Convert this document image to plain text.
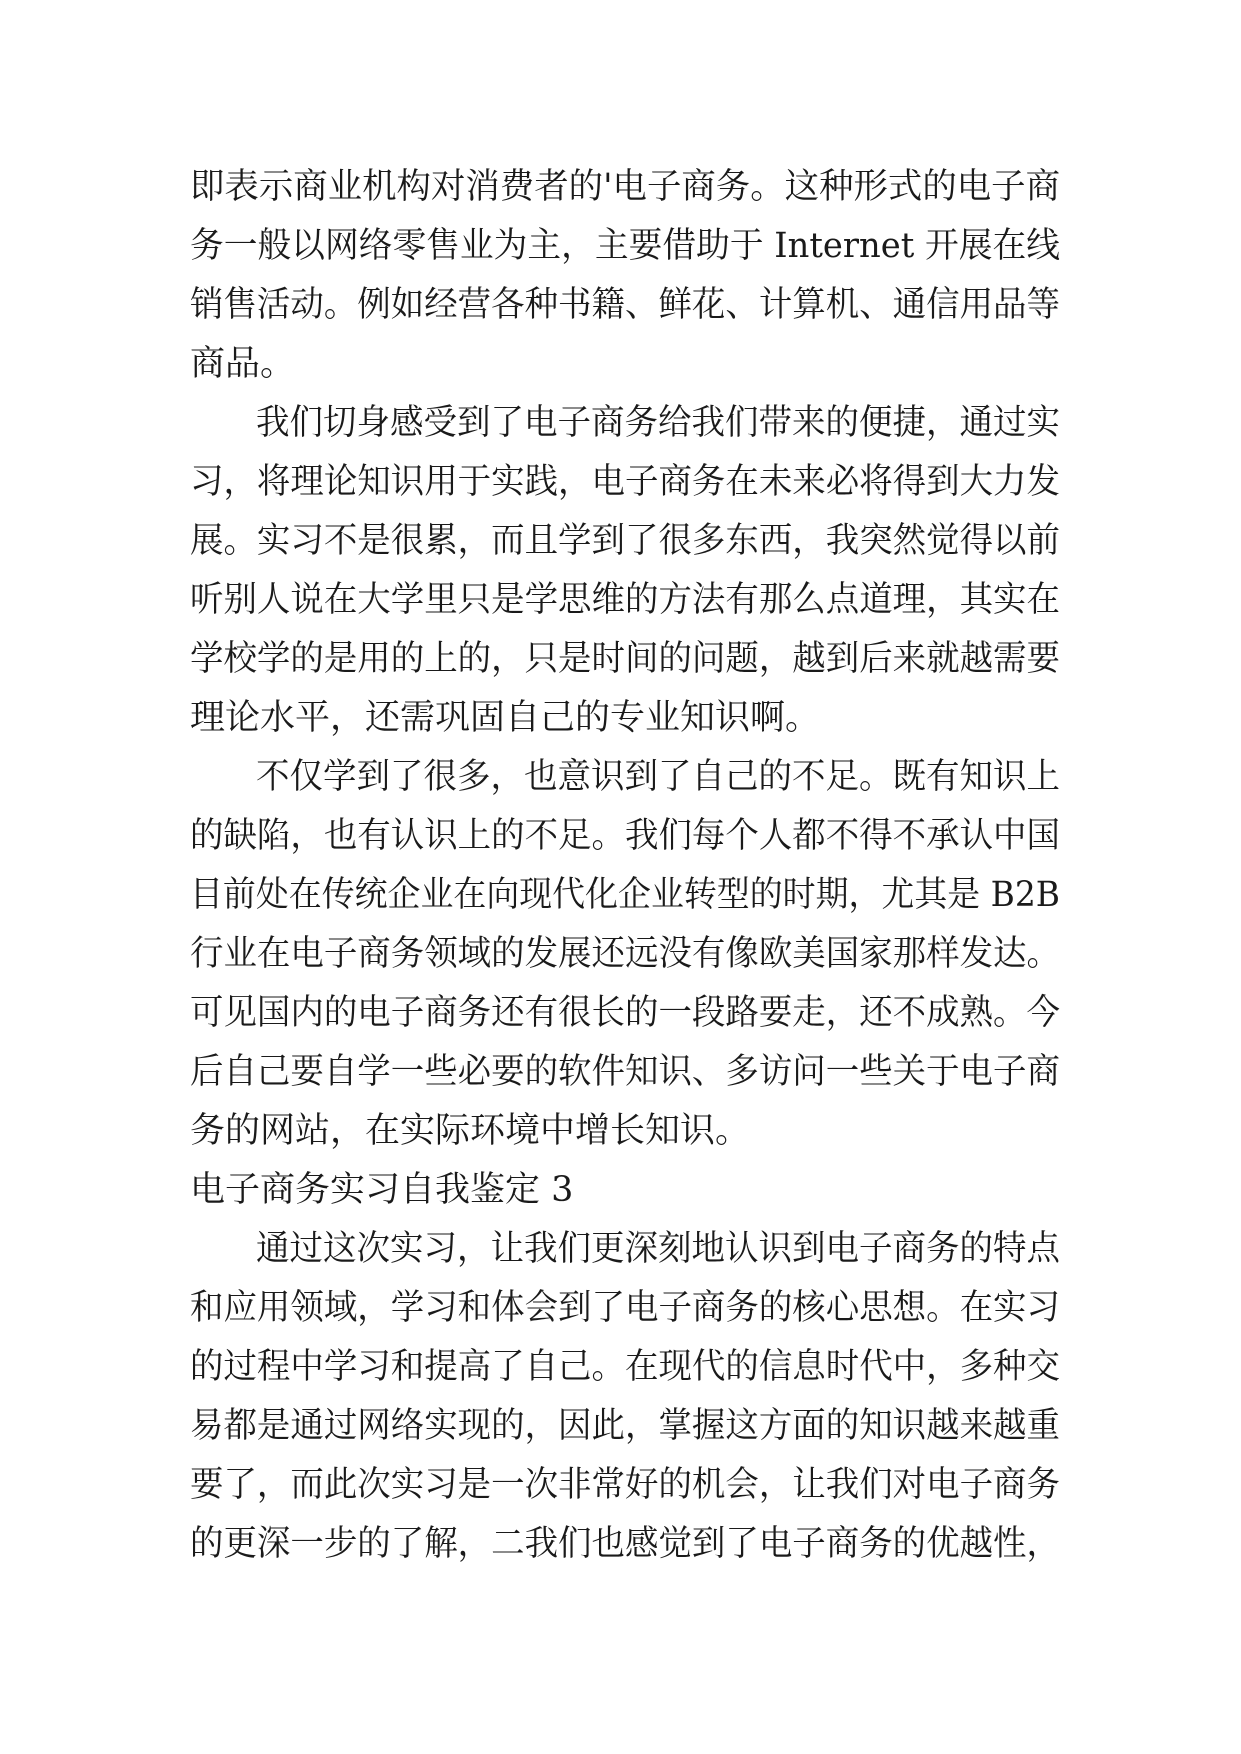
即表示商业机构对消费者的'电子商务。这种形式的电子商
务一般以网络零售业为主，主要借助于 Internet 开展在线
销售活动。例如经营各种书籍、鲜花、计算机、通信用品等
商品。
我们切身感受到了电子商务给我们带来的便捷，通过实
习，将理论知识用于实践，电子商务在未来必将得到大力发
展。实习不是很累，而且学到了很多东西，我突然觉得以前
听别人说在大学里只是学思维的方法有那么点道理，其实在
学校学的是用的上的，只是时间的问题，越到后来就越需要
理论水平，还需巩固自己的专业知识啊。
不仅学到了很多，也意识到了自己的不足。既有知识上
的缺陷，也有认识上的不足。我们每个人都不得不承认中国
目前处在传统企业在向现代化企业转型的时期，尤其是 B2B
行业在电子商务领域的发展还远没有像欧美国家那样发达。
可见国内的电子商务还有很长的一段路要走，还不成熟。今
后自己要自学一些必要的软件知识、多访问一些关于电子商
务的网站，在实际环境中增长知识。
电子商务实习自我鉴定 3
通过这次实习，让我们更深刻地认识到电子商务的特点
和应用领域，学习和体会到了电子商务的核心思想。在实习
的过程中学习和提高了自己。在现代的信息时代中，多种交
易都是通过网络实现的，因此，掌握这方面的知识越来越重
要了，而此次实习是一次非常好的机会，让我们对电子商务
的更深一步的了解，二我们也感觉到了电子商务的优越性，
